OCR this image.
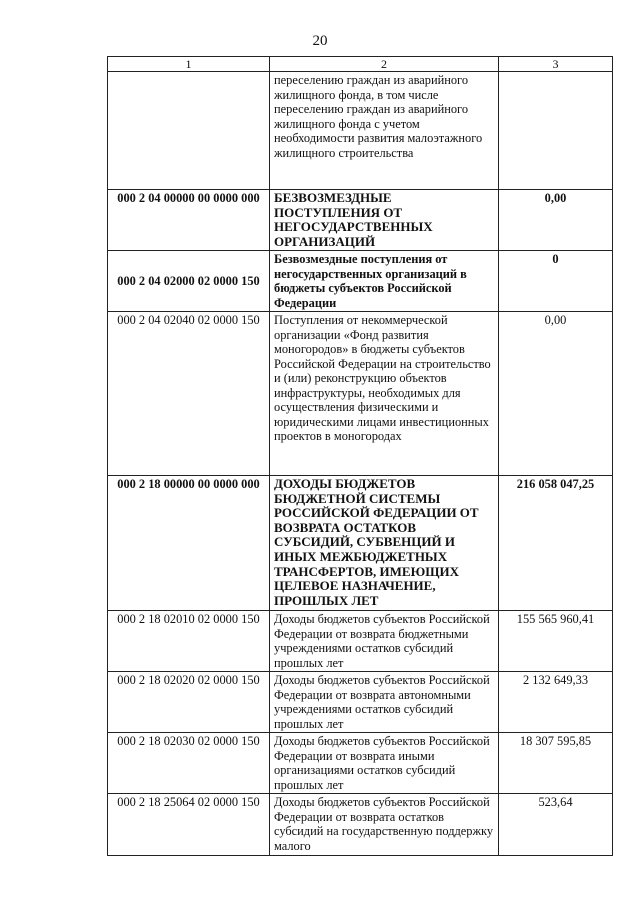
20
1	2	3
	переселению граждан из аварийного жилищного фонда, в том числе переселению граждан из аварийного жилищного фонда с учетом необходимости развития малоэтажного жилищного строительства	
000 2 04 00000 00 0000 000	БЕЗВОЗМЕЗДНЫЕ ПОСТУПЛЕНИЯ ОТ НЕГОСУДАРСТВЕННЫХ ОРГАНИЗАЦИЙ	0,00
000 2 04 02000 02 0000 150	Безвозмездные поступления от негосударственных организаций в бюджеты субъектов Российской Федерации	0
000 2 04 02040 02 0000 150	Поступления от некоммерческой организации «Фонд развития моногородов» в бюджеты субъектов Российской Федерации на строительство и (или) реконструкцию объектов инфраструктуры, необходимых для осуществления физическими и юридическими лицами инвестиционных проектов в моногородах	0,00
000 2 18 00000 00 0000 000	ДОХОДЫ БЮДЖЕТОВ БЮДЖЕТНОЙ СИСТЕМЫ РОССИЙСКОЙ ФЕДЕРАЦИИ ОТ ВОЗВРАТА ОСТАТКОВ СУБСИДИЙ, СУБВЕНЦИЙ И ИНЫХ МЕЖБЮДЖЕТНЫХ ТРАНСФЕРТОВ, ИМЕЮЩИХ ЦЕЛЕВОЕ НАЗНАЧЕНИЕ, ПРОШЛЫХ ЛЕТ	216 058 047,25
000 2 18 02010 02 0000 150	Доходы бюджетов субъектов Российской Федерации от возврата бюджетными учреждениями остатков субсидий прошлых лет	155 565 960,41
000 2 18 02020 02 0000 150	Доходы бюджетов субъектов Российской Федерации от возврата автономными учреждениями остатков субсидий прошлых лет	2 132 649,33
000 2 18 02030 02 0000 150	Доходы бюджетов субъектов Российской Федерации от возврата иными организациями остатков субсидий прошлых лет	18 307 595,85
000 2 18 25064 02 0000 150	Доходы бюджетов субъектов Российской Федерации от возврата остатков субсидий на государственную поддержку малого	523,64
